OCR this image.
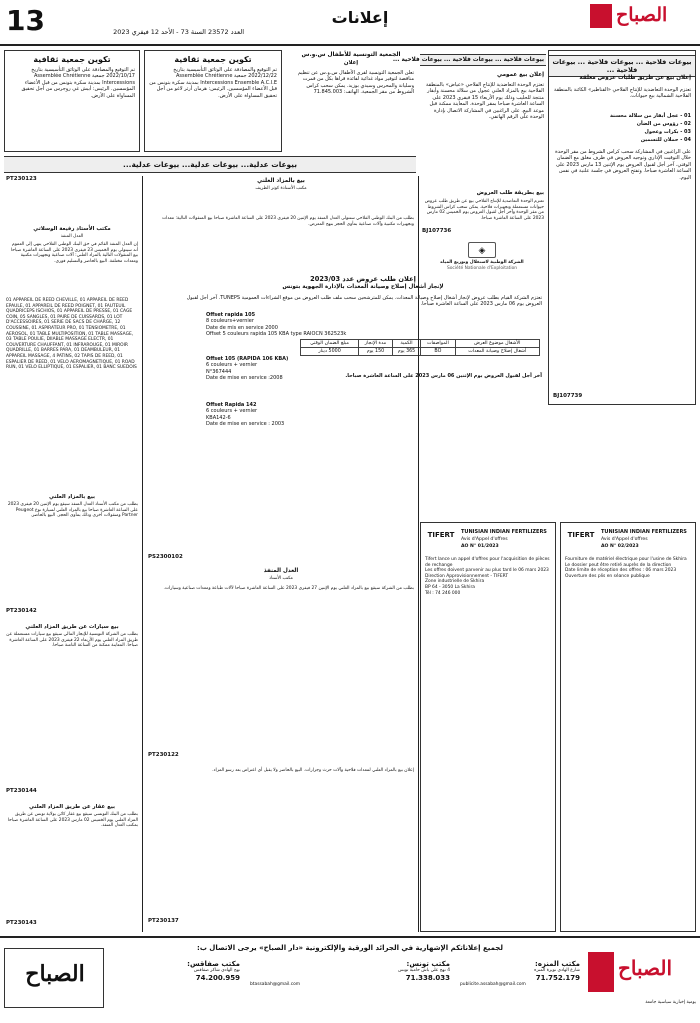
13	العدد 23572 السنة 73 - الأحد 12 فيفري 2023
إعلانات	الصباح
بيوعات فلاحية ... بيوعات فلاحية ... بيوعات فلاحية ...
إعلان بيع عن طريق طلبات عروض مغلقة
تعتزم الوحدة التعاضدية للإنتاج الفلاحي «القناطير» الكائنة بالمنطقة الفلاحية الشمالية بيع حيوانات.
01 - عجل أبقار من سلالة محسنة
02 - رؤوس من الضأن
03 - بكرات وعجول
04 - حملان للتسمين
على الراغبين في المشاركة سحب كراس الشروط من مقر الوحدة خلال التوقيت الإداري وتوجيه العروض في ظرف مغلق مع الضمان الوقتي. آخر أجل لقبول العروض يوم الإثنين 13 مارس 2023 على الساعة العاشرة صباحا. وتفتح العروض في جلسة علنية في نفس اليوم.
BJ107739
بيوعات فلاحية ... بيوعات فلاحية ... بيوعات فلاحية ...
إعلان بيع عمومي
تعتزم الوحدة التعاضدية للإنتاج الفلاحي «عياض» بالمنطقة الفلاحية بيع بالمزاد العلني عجول من سلالة محسنة وأبقار منتجة للحليب وذلك يوم الأربعاء 15 فيفري 2023 على الساعة العاشرة صباحا بمقر الوحدة. المعاينة ممكنة قبل موعد البيع. على الراغبين في المشاركة الاتصال بإدارة الوحدة على الرقم الهاتفي.
BJ107736
بيع بطريقة طلب العروض
تعتزم الوحدة التعاضدية للإنتاج الفلاحي بيع عن طريق طلب عروض حيوانات مستعملة وتجهيزات فلاحية. يمكن سحب كراس الشروط من مقر الوحدة وآخر أجل لقبول العروض يوم الخميس 02 مارس 2023 على الساعة العاشرة صباحا.
◈
الشركة الوطنية لاستغلال وتوزيع المياه
Société Nationale d'Exploitation
إعلان طلب عروض عدد 2023/03
لإنجاز أشغال إصلاح وصيانة المعدات بالإدارة الجهوية بتونس
تعتزم الشركة القيام بطلب عروض لإنجاز أشغال إصلاح وصيانة المعدات. يمكن للمترشحين سحب ملف طلب العروض من موقع الشراءات العمومية TUNEPS. آخر أجل لقبول العروض يوم 06 مارس 2023 على الساعة العاشرة صباحا.
الأشغال موضوع العرض	المواصفات	الكمية	مدة الإنجاز	مبلغ الضمان الوقتي
أشغال إصلاح وصيانة المعدات	BO	365 يوم	150 يوم	5000 دينار
آخر أجل لقبول العروض يوم الإثنين 06 مارس 2023 على الساعة العاشرة صباحا.
تكوين جمعية ثقافية
تم التوقيع والمصادقة على الوثائق التأسيسية بتاريخ 2022/10/17 جمعية Assemblée Chrétienne Intercessions بمدينة سكرة بتونس من قبل الأعضاء المؤسسين. الرئيس: أبيش غي روجرس من أجل تحقيق المساواة على الأرض.
تكوين جمعية ثقافية
تم التوقيع والمصادقة على الوثائق التأسيسية بتاريخ 2022/12/22 جمعية Assemblée Chrétienne Intercessions Ensemble A.C.I.E بمدينة سكرة بتونس من قبل الأعضاء المؤسسين. الرئيس: هرمان أرثر لاغو من أجل تحقيق المساواة على الأرض.
الجمعية التونسية للأطفال س.و.س
إعلان
تعلن الجمعية التونسية لقرى الأطفال س.و.س عن تنظيم مناقصة لتوفير مواد غذائية لفائدة قراها بكل من قمرت وسليانة والمحرس وسيدي بوزيد. يمكن سحب كراس الشروط من مقر الجمعية. الهاتف: 71.845.003
بيوعات عدلية... بيوعات عدلية... بيوعات عدلية...
مكتب الأستاذ رفيعة الوسلاتي
العدل المنفذ
إن العدل المنفذ القائم في حق البنك الوطني الفلاحي ينهي إلى العموم أنه سيتولى يوم الخميس 23 فيفري 2023 على الساعة العاشرة صباحا بيع المنقولات التالية بالمزاد العلني: آلات صناعية وتجهيزات مكتبية ومعدات مختلفة. البيع بالحاضر والتسليم فوري.
01 APPAREIL DE REED CHEVILLE, 01 APPAREIL DE REED EPAULE, 01 APPAREIL DE REED POIGNET, 01 FAUTEUIL QUADRICEPS ISCHIOS, 01 APPAREIL DE PRESSE, 01 CAGE COIN, 05 SANGLES, 01 PAIRE DE CUISSARDS, 01 LOT D'ACCESSOIRES, 01 SERIE DE SACS DE CHARGE, 12 COUSSINE, 01 ASPIRATEUR PRO, 01 TENSIOMETRE, 01 AEROSOL, 01 TABLE MULTIPOSITION, 01 TABLE MASSAGE, 03 TABLE POULIE, DIIABLE MASSAGE ELECTR, 01 COUVERTURE CHAUFFANT, 01 INFRAROUGE, 01 MIROIR QUADRILLE, 01 BARRES PARA, 01 DEAMBULEUR, 01 APPAREIL MASSAGE, 4 PATINS, 02 TAPIS DE REED, 01 ESPALIER DE REED, 01 VELO AEROMAGNETIQUE, 01 ROAD RUN, 01 VELO ELLIPTIQUE, 01 ESPALIER, 01 BANC SUEDOIS
PT230123
بيع بالمزاد العلني
بطلب من مكتب الأستاذ العدل المنفذ سيقع يوم الإثنين 20 فيفري 2023 على الساعة العاشرة صباحا بيع بالمزاد العلني لسيارة نوع Peugeot Partner ومنقولات أخرى وذلك بمأوى الحجز. البيع بالحاضر.
PT230142
بيع سيارات عن طريق المزاد العلني
بطلب من الشركة التونسية للإيجار المالي سيقع بيع سيارات مستعملة عن طريق المزاد العلني يوم الأربعاء 22 فيفري 2023 على الساعة العاشرة صباحا. المعاينة ممكنة من الساعة الثامنة صباحا.
PT230144
بيع عقار عن طريق المزاد العلني
بطلب من البنك التونسي سيقع بيع عقار كائن بولاية تونس عن طريق المزاد العلني يوم الخميس 02 مارس 2023 على الساعة العاشرة صباحا بمكتب العدل المنفذ.
PT230143
بيع بالمزاد العلني
مكتب الأستاذة كوثر الظريف
بطلب من البنك الوطني الفلاحي ستتولى العدل المنفذ يوم الإثنين 20 فيفري 2023 على الساعة العاشرة صباحا بيع المنقولات التالية: معدات وتجهيزات مكتبية وآلات صناعية بمأوى الحجز بنهج المعرض.
Offset rapida 105
8 couleurs+vernier
Date de mis en service 2000
Offset 5 couleurs rapida 105 KBA type RAIOCN 362523k
Offset 105 (RAPIDA 106 KBA)
6 couleurs + vernier
N°367444
Date de mise en service :2008
Offset Rapida 142
6 couleurs + vernier
KBA142-6
Date de mise en service : 2003
PS2300102
العدل المنفذ
مكتب الأستاذ
بطلب من الشركة سيقع بيع بالمزاد العلني يوم الإثنين 27 فيفري 2023 على الساعة العاشرة صباحا لآلات طباعة ومعدات صناعية وسيارات.
PT230122
إعلان بيع بالمزاد العلني لمعدات فلاحية وآلات حرث وجرارات. البيع بالحاضر ولا يقبل أي اعتراض بعد رسو المزاد.
PT230137
TIFERT	TUNISIAN INDIAN FERTILIZERS
Avis d'Appel d'offres
AO N° 01/2023
Tifert lance un appel d'offres pour l'acquisition de pièces de rechange
Les offres doivent parvenir au plus tard le 06 mars 2023
Direction Approvisionnement - TIFERT
Zone industrielle de Skhira
BP 64 - 3050 La Skhira
Tél : 74 246 000
TIFERT	TUNISIAN INDIAN FERTILIZERS
Avis d'Appel d'offres
AO N° 02/2023
Fourniture de matériel électrique pour l'usine de Skhira
Le dossier peut être retiré auprès de la direction
Date limite de réception des offres : 06 mars 2023
Ouverture des plis en séance publique
لجميع إعلاناتكم الإشهارية في الجرائد الورقية والإلكترونية «دار الصباح» يرجى الاتصال ب:
الصباح	مكتب صفاقس:
نهج الهادي شاكر صفاقس
74.200.959
مكتب تونس:
4 نهج علي باش حامبة تونس
71.338.033
btassabah@gmail.com
مكتب المنزه:
شارع الهادي نويرة المنزه
71.752.179
publicite.assabah@gmail.com
الصباح
يومية إخبارية سياسية جامعة
